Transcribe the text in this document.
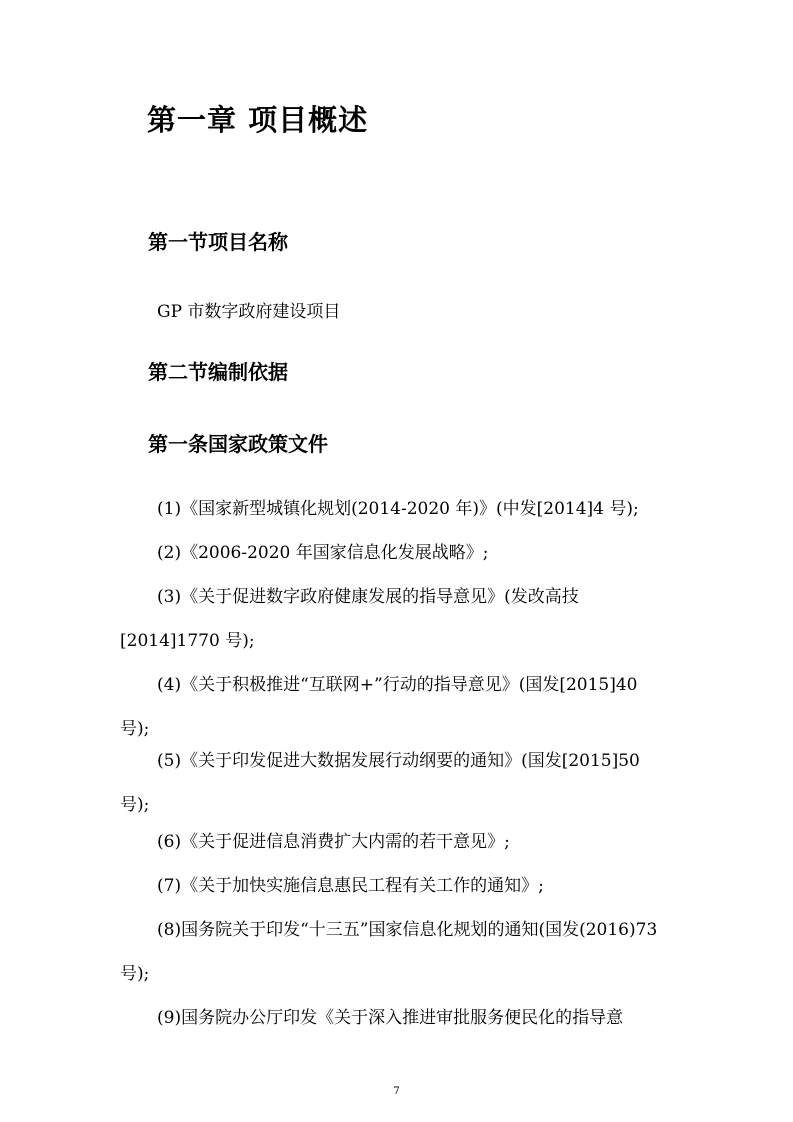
第一章 项目概述
第一节项目名称
GP 市数字政府建设项目
第二节编制依据
第一条国家政策文件

(1)《国家新型城镇化规划(2014-2020 年)》(中发[2014]4 号);

(2)《2006-2020 年国家信息化发展战略》;

(3)《关于促进数字政府健康发展的指导意见》(发改高技[2014]1770 号);

(4)《关于积极推进“互联网+”行动的指导意见》(国发[2015]40 号);

(5)《关于印发促进大数据发展行动纲要的通知》(国发[2015]50 号);

(6)《关于促进信息消费扩大内需的若干意见》;

(7)《关于加快实施信息惠民工程有关工作的通知》;

(8)国务院关于印发“十三五”国家信息化规划的通知(国发(2016)73 号);

(9)国务院办公厅印发《关于深入推进审批服务便民化的指导意

7
